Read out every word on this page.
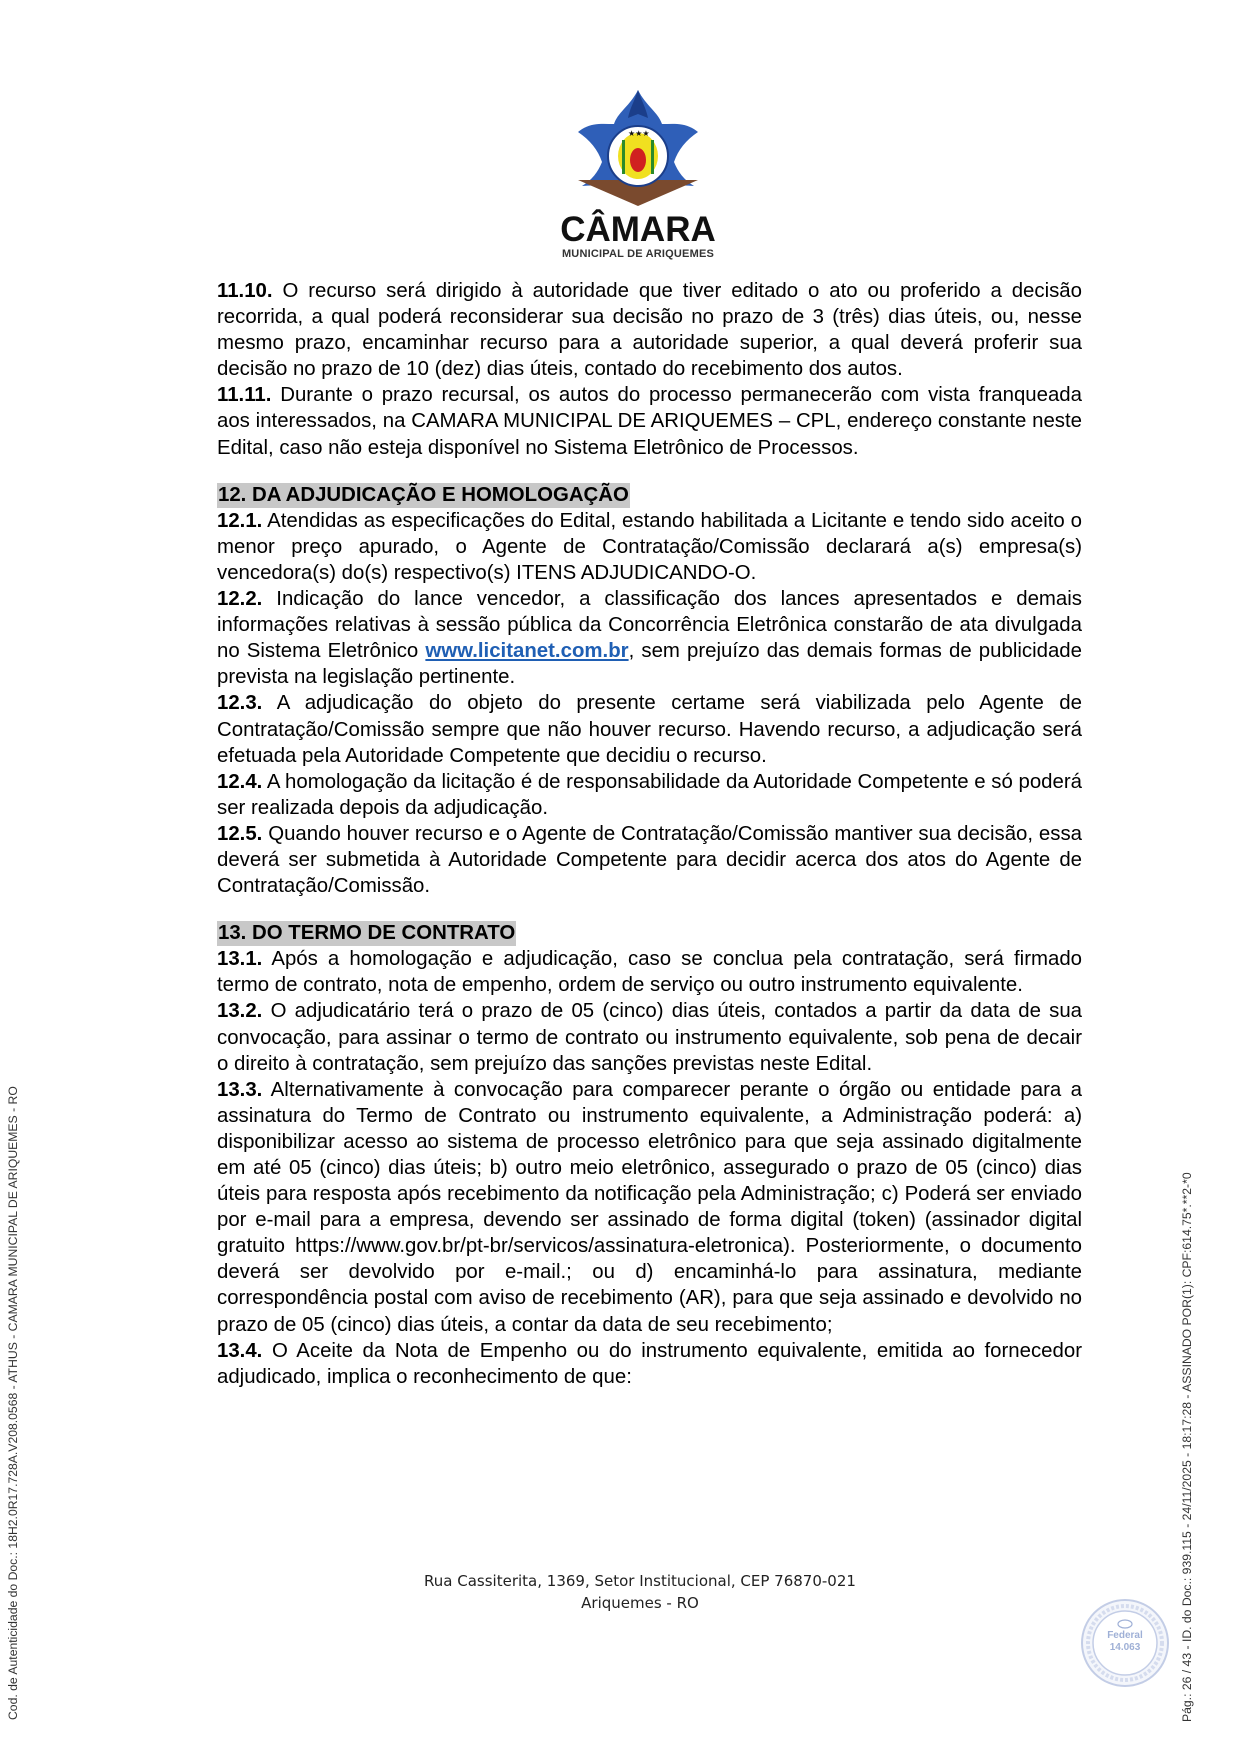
★★★
CÂMARA
MUNICIPAL DE ARIQUEMES

11.10. O recurso será dirigido à autoridade que tiver editado o ato ou proferido a decisão recorrida, a qual poderá reconsiderar sua decisão no prazo de 3 (três) dias úteis, ou, nesse mesmo prazo, encaminhar recurso para a autoridade superior, a qual deverá proferir sua decisão no prazo de 10 (dez) dias úteis, contado do recebimento dos autos.

11.11. Durante o prazo recursal, os autos do processo permanecerão com vista franqueada aos interessados, na CAMARA MUNICIPAL DE ARIQUEMES – CPL, endereço constante neste Edital, caso não esteja disponível no Sistema Eletrônico de Processos.

12. DA ADJUDICAÇÃO E HOMOLOGAÇÃO

12.1. Atendidas as especificações do Edital, estando habilitada a Licitante e tendo sido aceito o menor preço apurado, o Agente de Contratação/Comissão declarará a(s) empresa(s) vencedora(s) do(s) respectivo(s) ITENS ADJUDICANDO-O.

12.2. Indicação do lance vencedor, a classificação dos lances apresentados e demais informações relativas à sessão pública da Concorrência Eletrônica constarão de ata divulgada no Sistema Eletrônico www.licitanet.com.br, sem prejuízo das demais formas de publicidade prevista na legislação pertinente.

12.3. A adjudicação do objeto do presente certame será viabilizada pelo Agente de Contratação/Comissão sempre que não houver recurso. Havendo recurso, a adjudicação será efetuada pela Autoridade Competente que decidiu o recurso.

12.4. A homologação da licitação é de responsabilidade da Autoridade Competente e só poderá ser realizada depois da adjudicação.

12.5. Quando houver recurso e o Agente de Contratação/Comissão mantiver sua decisão, essa deverá ser submetida à Autoridade Competente para decidir acerca dos atos do Agente de Contratação/Comissão.

13. DO TERMO DE CONTRATO

13.1. Após a homologação e adjudicação, caso se conclua pela contratação, será firmado termo de contrato, nota de empenho, ordem de serviço ou outro instrumento equivalente.

13.2. O adjudicatário terá o prazo de 05 (cinco) dias úteis, contados a partir da data de sua convocação, para assinar o termo de contrato ou instrumento equivalente, sob pena de decair o direito à contratação, sem prejuízo das sanções previstas neste Edital.

13.3. Alternativamente à convocação para comparecer perante o órgão ou entidade para a assinatura do Termo de Contrato ou instrumento equivalente, a Administração poderá: a) disponibilizar acesso ao sistema de processo eletrônico para que seja assinado digitalmente em até 05 (cinco) dias úteis; b) outro meio eletrônico, assegurado o prazo de 05 (cinco) dias úteis para resposta após recebimento da notificação pela Administração; c) Poderá ser enviado por e-mail para a empresa, devendo ser assinado de forma digital (token) (assinador digital gratuito https://www.gov.br/pt-br/servicos/assinatura-eletronica). Posteriormente, o documento deverá ser devolvido por e-mail.; ou d) encaminhá-lo para assinatura, mediante correspondência postal com aviso de recebimento (AR), para que seja assinado e devolvido no prazo de 05 (cinco) dias úteis, a contar da data de seu recebimento;

13.4. O Aceite da Nota de Empenho ou do instrumento equivalente, emitida ao fornecedor adjudicado, implica o reconhecimento de que:

Rua Cassiterita, 1369, Setor Institucional, CEP 76870-021
Ariquemes - RO
Cod. de Autenticidade do Doc.: 18H2.0R17.728A.V208.0568 - ATHUS - CAMARA MUNICIPAL DE ARIQUEMES - RO	Pág.: 26 / 43 - ID. do Doc.: 939.115 - 24/11/2025 - 18:17:28 - ASSINADO POR(1): CPF:614.75*.**2-*0
Federal
14.063
